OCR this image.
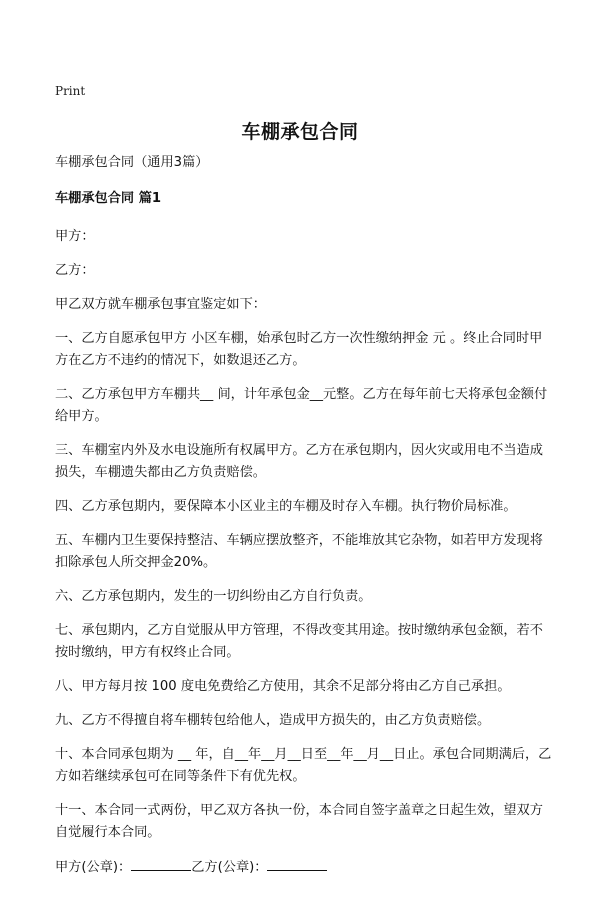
Print
车棚承包合同

车棚承包合同（通用3篇）

车棚承包合同 篇1

甲方：

乙方：

甲乙双方就车棚承包事宜鉴定如下：

一、乙方自愿承包甲方 小区车棚，始承包时乙方一次性缴纳押金 元 。终止合同时甲方在乙方不违约的情况下，如数退还乙方。

二、乙方承包甲方车棚共__ 间，计年承包金__元整。乙方在每年前七天将承包金额付给甲方。

三、车棚室内外及水电设施所有权属甲方。乙方在承包期内，因火灾或用电不当造成损失，车棚遗失都由乙方负责赔偿。

四、乙方承包期内，要保障本小区业主的车棚及时存入车棚。执行物价局标准。

五、车棚内卫生要保持整洁、车辆应摆放整齐，不能堆放其它杂物，如若甲方发现将扣除承包人所交押金20%。

六、乙方承包期内，发生的一切纠纷由乙方自行负责。

七、承包期内，乙方自觉服从甲方管理，不得改变其用途。按时缴纳承包金额，若不按时缴纳，甲方有权终止合同。

八、甲方每月按 100 度电免费给乙方使用，其余不足部分将由乙方自己承担。

九、乙方不得擅自将车棚转包给他人，造成甲方损失的，由乙方负责赔偿。

十、本合同承包期为 __ 年，自__年__月__日至__年__月__日止。承包合同期满后，乙方如若继续承包可在同等条件下有优先权。

十一、本合同一式两份，甲乙双方各执一份，本合同自签字盖章之日起生效，望双方自觉履行本合同。

甲方(公章)：	乙方(公章)：
